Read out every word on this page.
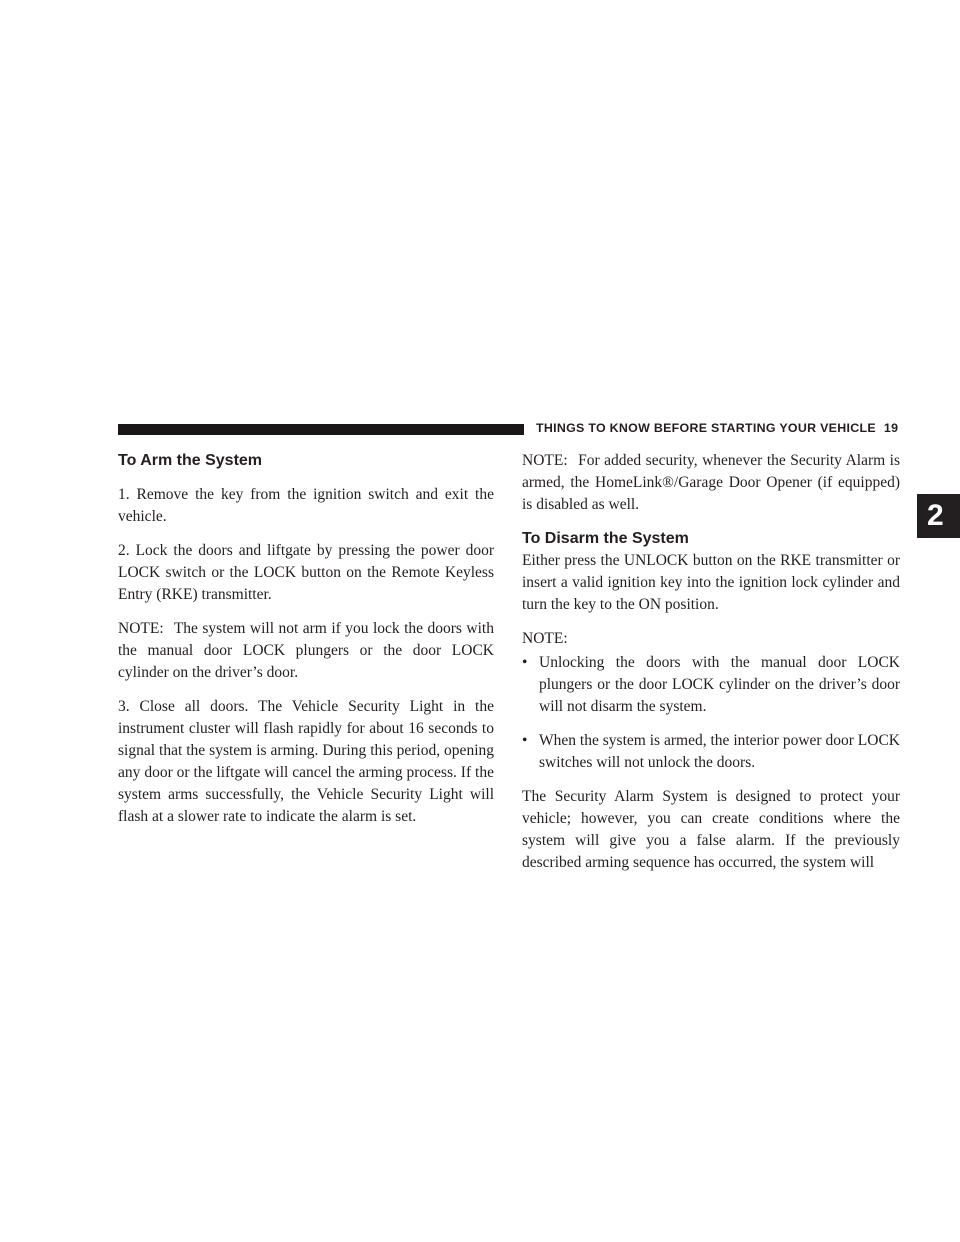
THINGS TO KNOW BEFORE STARTING YOUR VEHICLE 19
2
To Arm the System

1. Remove the key from the ignition switch and exit the vehicle.

2. Lock the doors and liftgate by pressing the power door LOCK switch or the LOCK button on the Remote Keyless Entry (RKE) transmitter.

NOTE: The system will not arm if you lock the doors with the manual door LOCK plungers or the door LOCK cylinder on the driver’s door.

3. Close all doors. The Vehicle Security Light in the instrument cluster will flash rapidly for about 16 seconds to signal that the system is arming. During this period, opening any door or the liftgate will cancel the arming process. If the system arms successfully, the Vehicle Security Light will flash at a slower rate to indicate the alarm is set.

NOTE: For added security, whenever the Security Alarm is armed, the HomeLink®/Garage Door Opener (if equipped) is disabled as well.

To Disarm the System

Either press the UNLOCK button on the RKE transmitter or insert a valid ignition key into the ignition lock cylinder and turn the key to the ON position.

NOTE:

• Unlocking the doors with the manual door LOCK plungers or the door LOCK cylinder on the driver’s door will not disarm the system.
• When the system is armed, the interior power door LOCK switches will not unlock the doors.

The Security Alarm System is designed to protect your vehicle; however, you can create conditions where the system will give you a false alarm. If the previously described arming sequence has occurred, the system will
